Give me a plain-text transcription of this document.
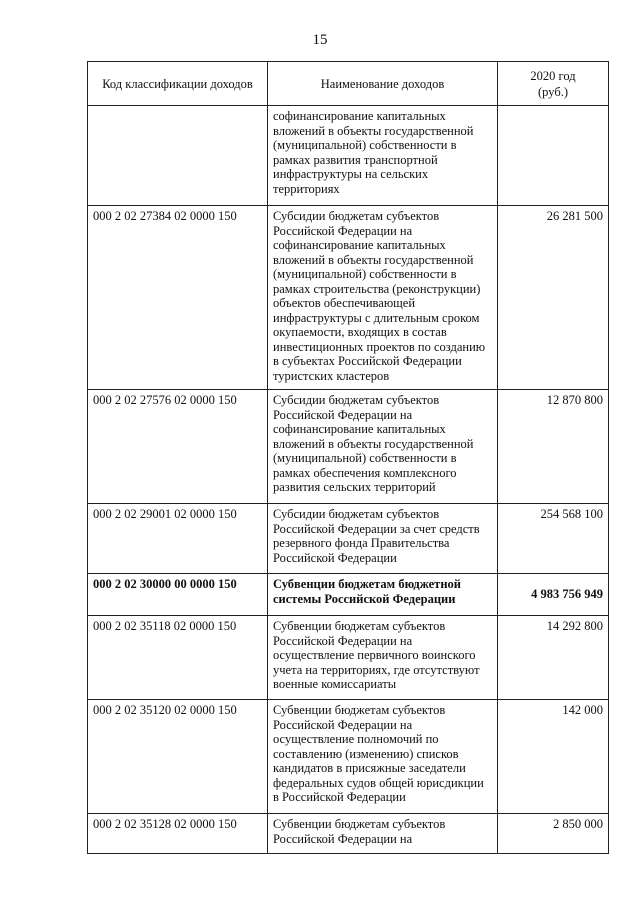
15
Код классификации доходов	Наименование доходов	2020 год
(руб.)

	софинансирование капитальных вложений в объекты государственной (муниципальной) собственности в рамках развития транспортной инфраструктуры на сельских территориях	
000 2 02 27384 02 0000 150	Субсидии бюджетам субъектов Российской Федерации на софинансирование капитальных вложений в объекты государственной (муниципальной) собственности в рамках строительства (реконструкции) объектов обеспечивающей инфраструктуры с длительным сроком окупаемости, входящих в состав инвестиционных проектов по созданию в субъектах Российской Федерации туристских кластеров	26 281 500
000 2 02 27576 02 0000 150	Субсидии бюджетам субъектов Российской Федерации на софинансирование капитальных вложений в объекты государственной (муниципальной) собственности в рамках обеспечения комплексного развития сельских территорий	12 870 800
000 2 02 29001 02 0000 150	Субсидии бюджетам субъектов Российской Федерации за счет средств резервного фонда Правительства Российской Федерации	254 568 100
000 2 02 30000 00 0000 150	Субвенции бюджетам бюджетной системы Российской Федерации	4 983 756 949
000 2 02 35118 02 0000 150	Субвенции бюджетам субъектов Российской Федерации на осуществление первичного воинского учета на территориях, где отсутствуют военные комиссариаты	14 292 800
000 2 02 35120 02 0000 150	Субвенции бюджетам субъектов Российской Федерации на осуществление полномочий по составлению (изменению) списков кандидатов в присяжные заседатели федеральных судов общей юрисдикции в Российской Федерации	142 000
000 2 02 35128 02 0000 150	Субвенции бюджетам субъектов Российской Федерации на	2 850 000
